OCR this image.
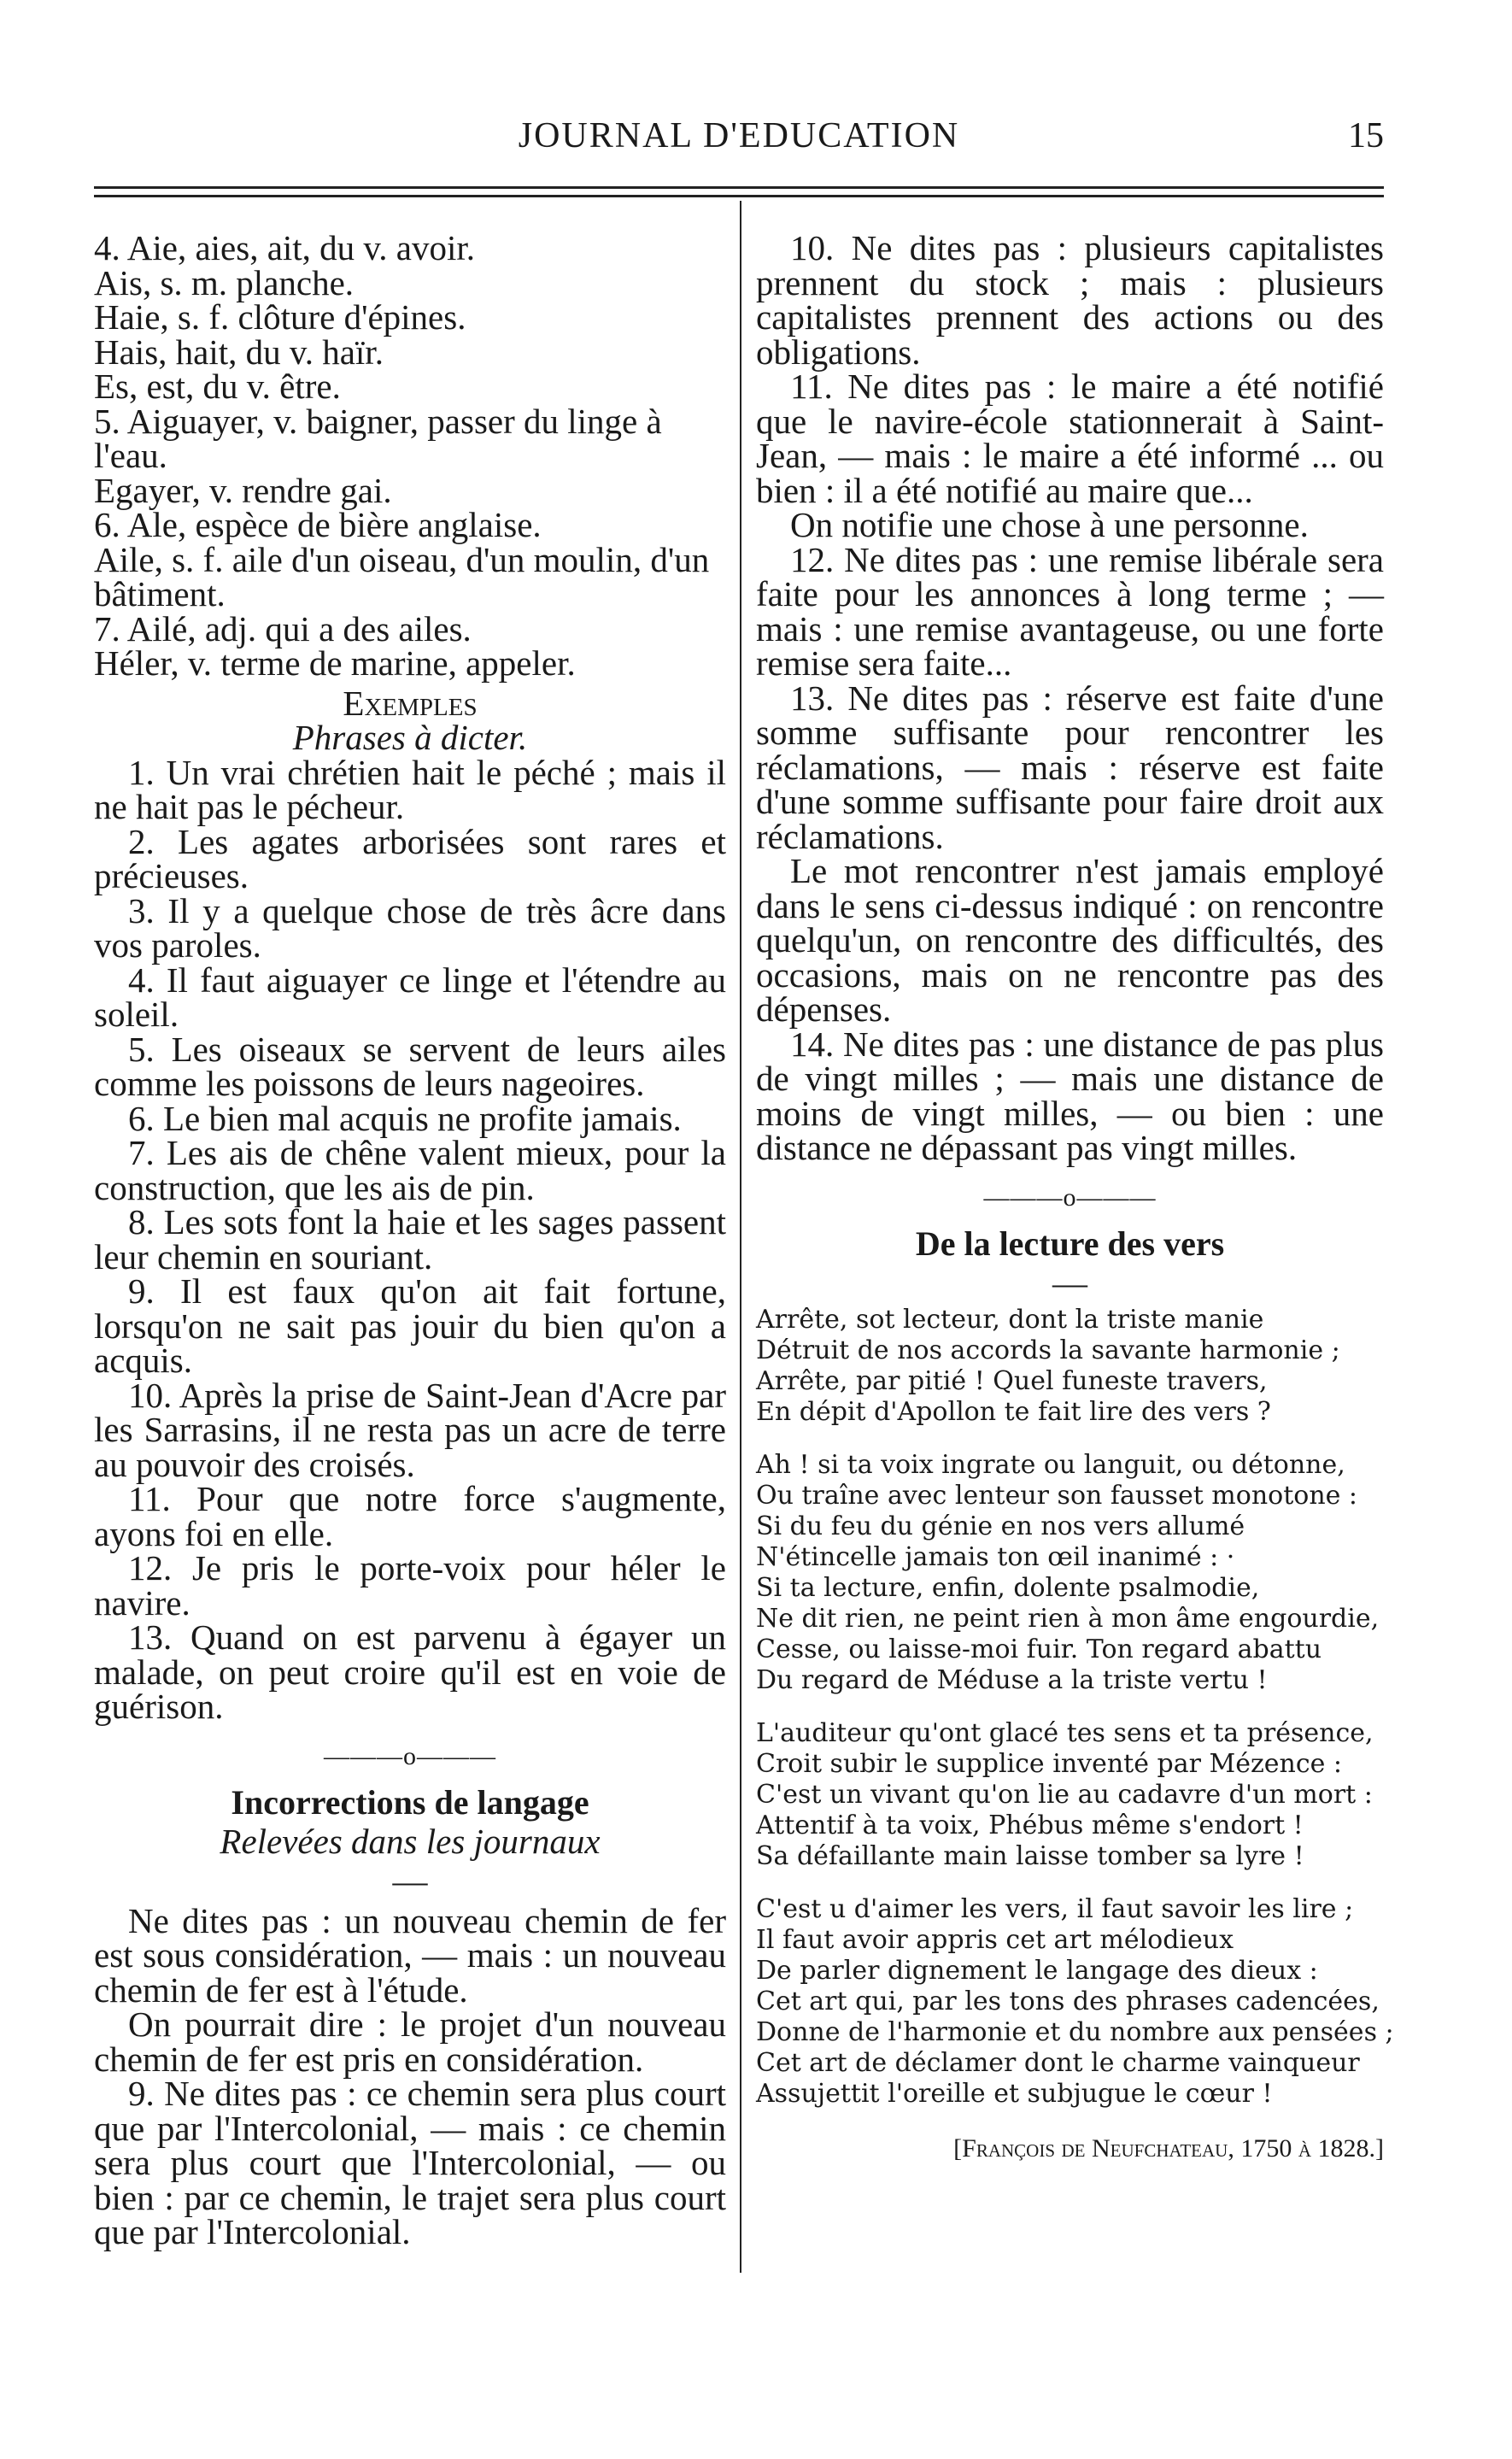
JOURNAL D'EDUCATION	15
4. Aie, aies, ait, du v. avoir.
Ais, s. m. planche.
Haie, s. f. clôture d'épines.
Hais, hait, du v. haïr.
Es, est, du v. être.
5. Aiguayer, v. baigner, passer du linge à l'eau.
Egayer, v. rendre gai.
6. Ale, espèce de bière anglaise.
Aile, s. f. aile d'un oiseau, d'un moulin, d'un bâtiment.
7. Ailé, adj. qui a des ailes.
Héler, v. terme de marine, appeler.
Exemples
Phrases à dicter.

1. Un vrai chrétien hait le péché ; mais il ne hait pas le pécheur.

2. Les agates arborisées sont rares et précieuses.

3. Il y a quelque chose de très âcre dans vos paroles.

4. Il faut aiguayer ce linge et l'étendre au soleil.

5. Les oiseaux se servent de leurs ailes comme les poissons de leurs nageoires.

6. Le bien mal acquis ne profite jamais.

7. Les ais de chêne valent mieux, pour la construction, que les ais de pin.

8. Les sots font la haie et les sages passent leur chemin en souriant.

9. Il est faux qu'on ait fait fortune, lorsqu'on ne sait pas jouir du bien qu'on a acquis.

10. Après la prise de Saint-Jean d'Acre par les Sarrasins, il ne resta pas un acre de terre au pouvoir des croisés.

11. Pour que notre force s'augmente, ayons foi en elle.

12. Je pris le porte-voix pour héler le navire.

13. Quand on est parvenu à égayer un malade, on peut croire qu'il est en voie de guérison.

———o———
Incorrections de langage
Relevées dans les journaux
—

Ne dites pas : un nouveau chemin de fer est sous considération, — mais : un nouveau chemin de fer est à l'étude.

On pourrait dire : le projet d'un nouveau chemin de fer est pris en considération.

9. Ne dites pas : ce chemin sera plus court que par l'Intercolonial, — mais : ce chemin sera plus court que l'Intercolonial, — ou bien : par ce chemin, le trajet sera plus court que par l'Intercolonial.

10. Ne dites pas : plusieurs capitalistes prennent du stock ; mais : plusieurs capitalistes prennent des actions ou des obligations.

11. Ne dites pas : le maire a été notifié que le navire-école stationnerait à Saint-Jean, — mais : le maire a été informé ... ou bien : il a été notifié au maire que...

On notifie une chose à une personne.

12. Ne dites pas : une remise libérale sera faite pour les annonces à long terme ; — mais : une remise avantageuse, ou une forte remise sera faite...

13. Ne dites pas : réserve est faite d'une somme suffisante pour rencontrer les réclamations, — mais : réserve est faite d'une somme suffisante pour faire droit aux réclamations.

Le mot rencontrer n'est jamais employé dans le sens ci-dessus indiqué : on rencontre quelqu'un, on rencontre des difficultés, des occasions, mais on ne rencontre pas des dépenses.

14. Ne dites pas : une distance de pas plus de vingt milles ; — mais une distance de moins de vingt milles, — ou bien : une distance ne dépassant pas vingt milles.

———o———
De la lecture des vers
—
Arrête, sot lecteur, dont la triste manie
Détruit de nos accords la savante harmonie ;
Arrête, par pitié ! Quel funeste travers,
En dépit d'Apollon te fait lire des vers ?
Ah ! si ta voix ingrate ou languit, ou détonne,
Ou traîne avec lenteur son fausset monotone :
Si du feu du génie en nos vers allumé
N'étincelle jamais ton œil inanimé : ·
Si ta lecture, enfin, dolente psalmodie,
Ne dit rien, ne peint rien à mon âme engourdie,
Cesse, ou laisse-moi fuir. Ton regard abattu
Du regard de Méduse a la triste vertu !
L'auditeur qu'ont glacé tes sens et ta présence,
Croit subir le supplice inventé par Mézence :
C'est un vivant qu'on lie au cadavre d'un mort :
Attentif à ta voix, Phébus même s'endort !
Sa défaillante main laisse tomber sa lyre !
C'est u d'aimer les vers, il faut savoir les lire ;
Il faut avoir appris cet art mélodieux
De parler dignement le langage des dieux :
Cet art qui, par les tons des phrases cadencées,
Donne de l'harmonie et du nombre aux pensées ;
Cet art de déclamer dont le charme vainqueur
Assujettit l'oreille et subjugue le cœur !
[François de Neufchateau, 1750 à 1828.]
